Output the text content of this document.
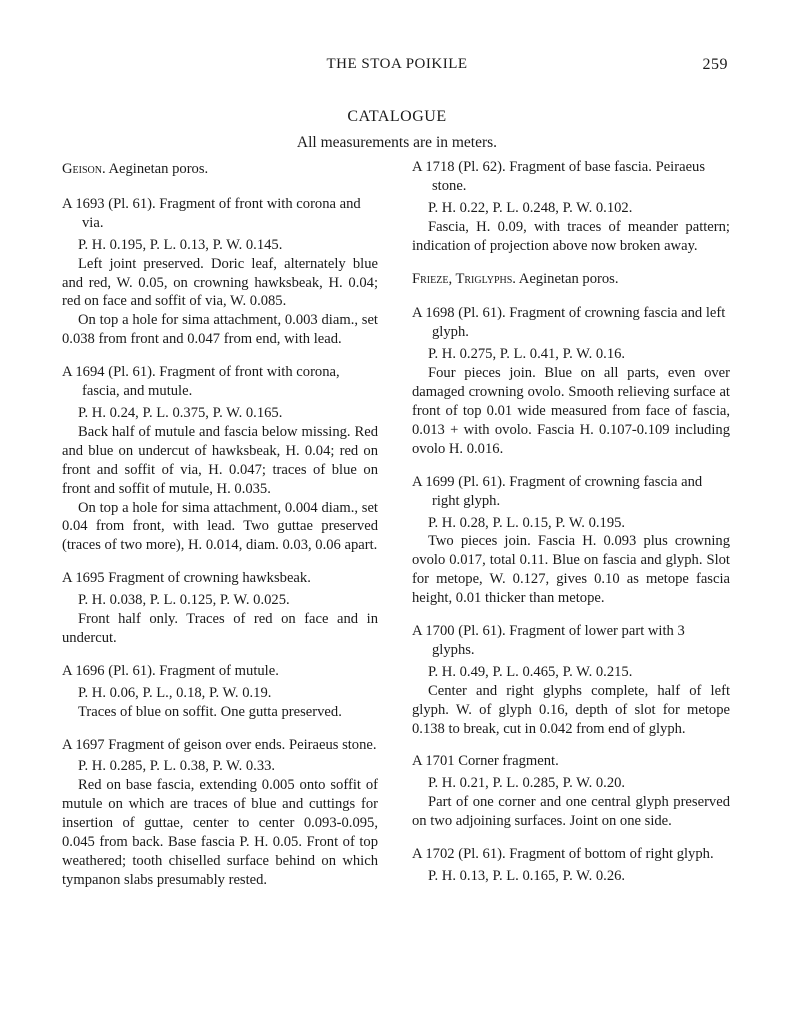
THE STOA POIKILE	259
CATALOGUE
All measurements are in meters.
Geison. Aeginetan poros.
A 1693 (Pl. 61). Fragment of front with corona and via.
P. H. 0.195, P. L. 0.13, P. W. 0.145.
Left joint preserved. Doric leaf, alternately blue and red, W. 0.05, on crowning hawksbeak, H. 0.04; red on face and soffit of via, W. 0.085.
On top a hole for sima attachment, 0.003 diam., set 0.038 from front and 0.047 from end, with lead.
A 1694 (Pl. 61). Fragment of front with corona, fascia, and mutule.
P. H. 0.24, P. L. 0.375, P. W. 0.165.
Back half of mutule and fascia below missing. Red and blue on undercut of hawksbeak, H. 0.04; red on front and soffit of via, H. 0.047; traces of blue on front and soffit of mutule, H. 0.035.
On top a hole for sima attachment, 0.004 diam., set 0.04 from front, with lead. Two guttae preserved (traces of two more), H. 0.014, diam. 0.03, 0.06 apart.
A 1695 Fragment of crowning hawksbeak.
P. H. 0.038, P. L. 0.125, P. W. 0.025.
Front half only. Traces of red on face and in undercut.
A 1696 (Pl. 61). Fragment of mutule.
P. H. 0.06, P. L., 0.18, P. W. 0.19.
Traces of blue on soffit. One gutta preserved.
A 1697 Fragment of geison over ends. Peiraeus stone.
P. H. 0.285, P. L. 0.38, P. W. 0.33.
Red on base fascia, extending 0.005 onto soffit of mutule on which are traces of blue and cuttings for insertion of guttae, center to center 0.093-0.095, 0.045 from back. Base fascia P. H. 0.05. Front of top weathered; tooth chiselled surface behind on which tympanon slabs presumably rested.
A 1718 (Pl. 62). Fragment of base fascia. Peiraeus stone.
P. H. 0.22, P. L. 0.248, P. W. 0.102.
Fascia, H. 0.09, with traces of meander pattern; indication of projection above now broken away.
Frieze, Triglyphs. Aeginetan poros.
A 1698 (Pl. 61). Fragment of crowning fascia and left glyph.
P. H. 0.275, P. L. 0.41, P. W. 0.16.
Four pieces join. Blue on all parts, even over damaged crowning ovolo. Smooth relieving surface at front of top 0.01 wide measured from face of fascia, 0.013 + with ovolo. Fascia H. 0.107-0.109 including ovolo H. 0.016.
A 1699 (Pl. 61). Fragment of crowning fascia and right glyph.
P. H. 0.28, P. L. 0.15, P. W. 0.195.
Two pieces join. Fascia H. 0.093 plus crowning ovolo 0.017, total 0.11. Blue on fascia and glyph. Slot for metope, W. 0.127, gives 0.10 as metope fascia height, 0.01 thicker than metope.
A 1700 (Pl. 61). Fragment of lower part with 3 glyphs.
P. H. 0.49, P. L. 0.465, P. W. 0.215.
Center and right glyphs complete, half of left glyph. W. of glyph 0.16, depth of slot for metope 0.138 to break, cut in 0.042 from end of glyph.
A 1701 Corner fragment.
P. H. 0.21, P. L. 0.285, P. W. 0.20.
Part of one corner and one central glyph preserved on two adjoining surfaces. Joint on one side.
A 1702 (Pl. 61). Fragment of bottom of right glyph.
P. H. 0.13, P. L. 0.165, P. W. 0.26.
